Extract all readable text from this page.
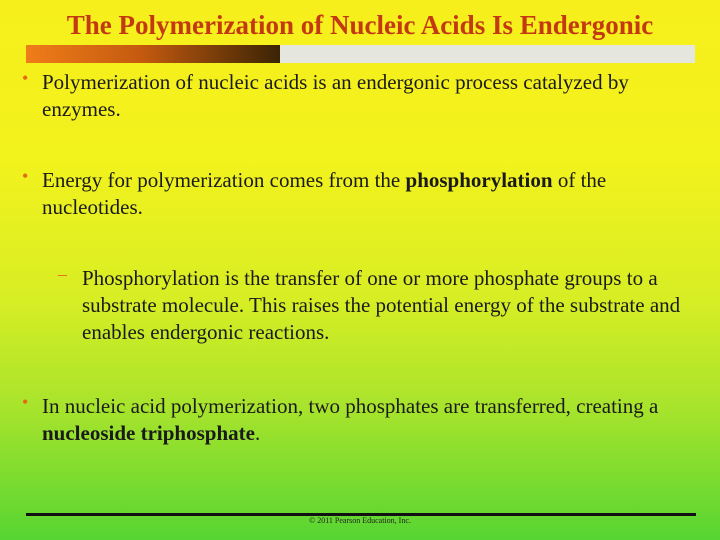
The Polymerization of Nucleic Acids Is Endergonic
• Polymerization of nucleic acids is an endergonic process catalyzed by enzymes.
• Energy for polymerization comes from the phosphorylation of the nucleotides.
– Phosphorylation is the transfer of one or more phosphate groups to a substrate molecule. This raises the potential energy of the substrate and enables endergonic reactions.
• In nucleic acid polymerization, two phosphates are transferred, creating a nucleoside triphosphate.
© 2011 Pearson Education, Inc.
